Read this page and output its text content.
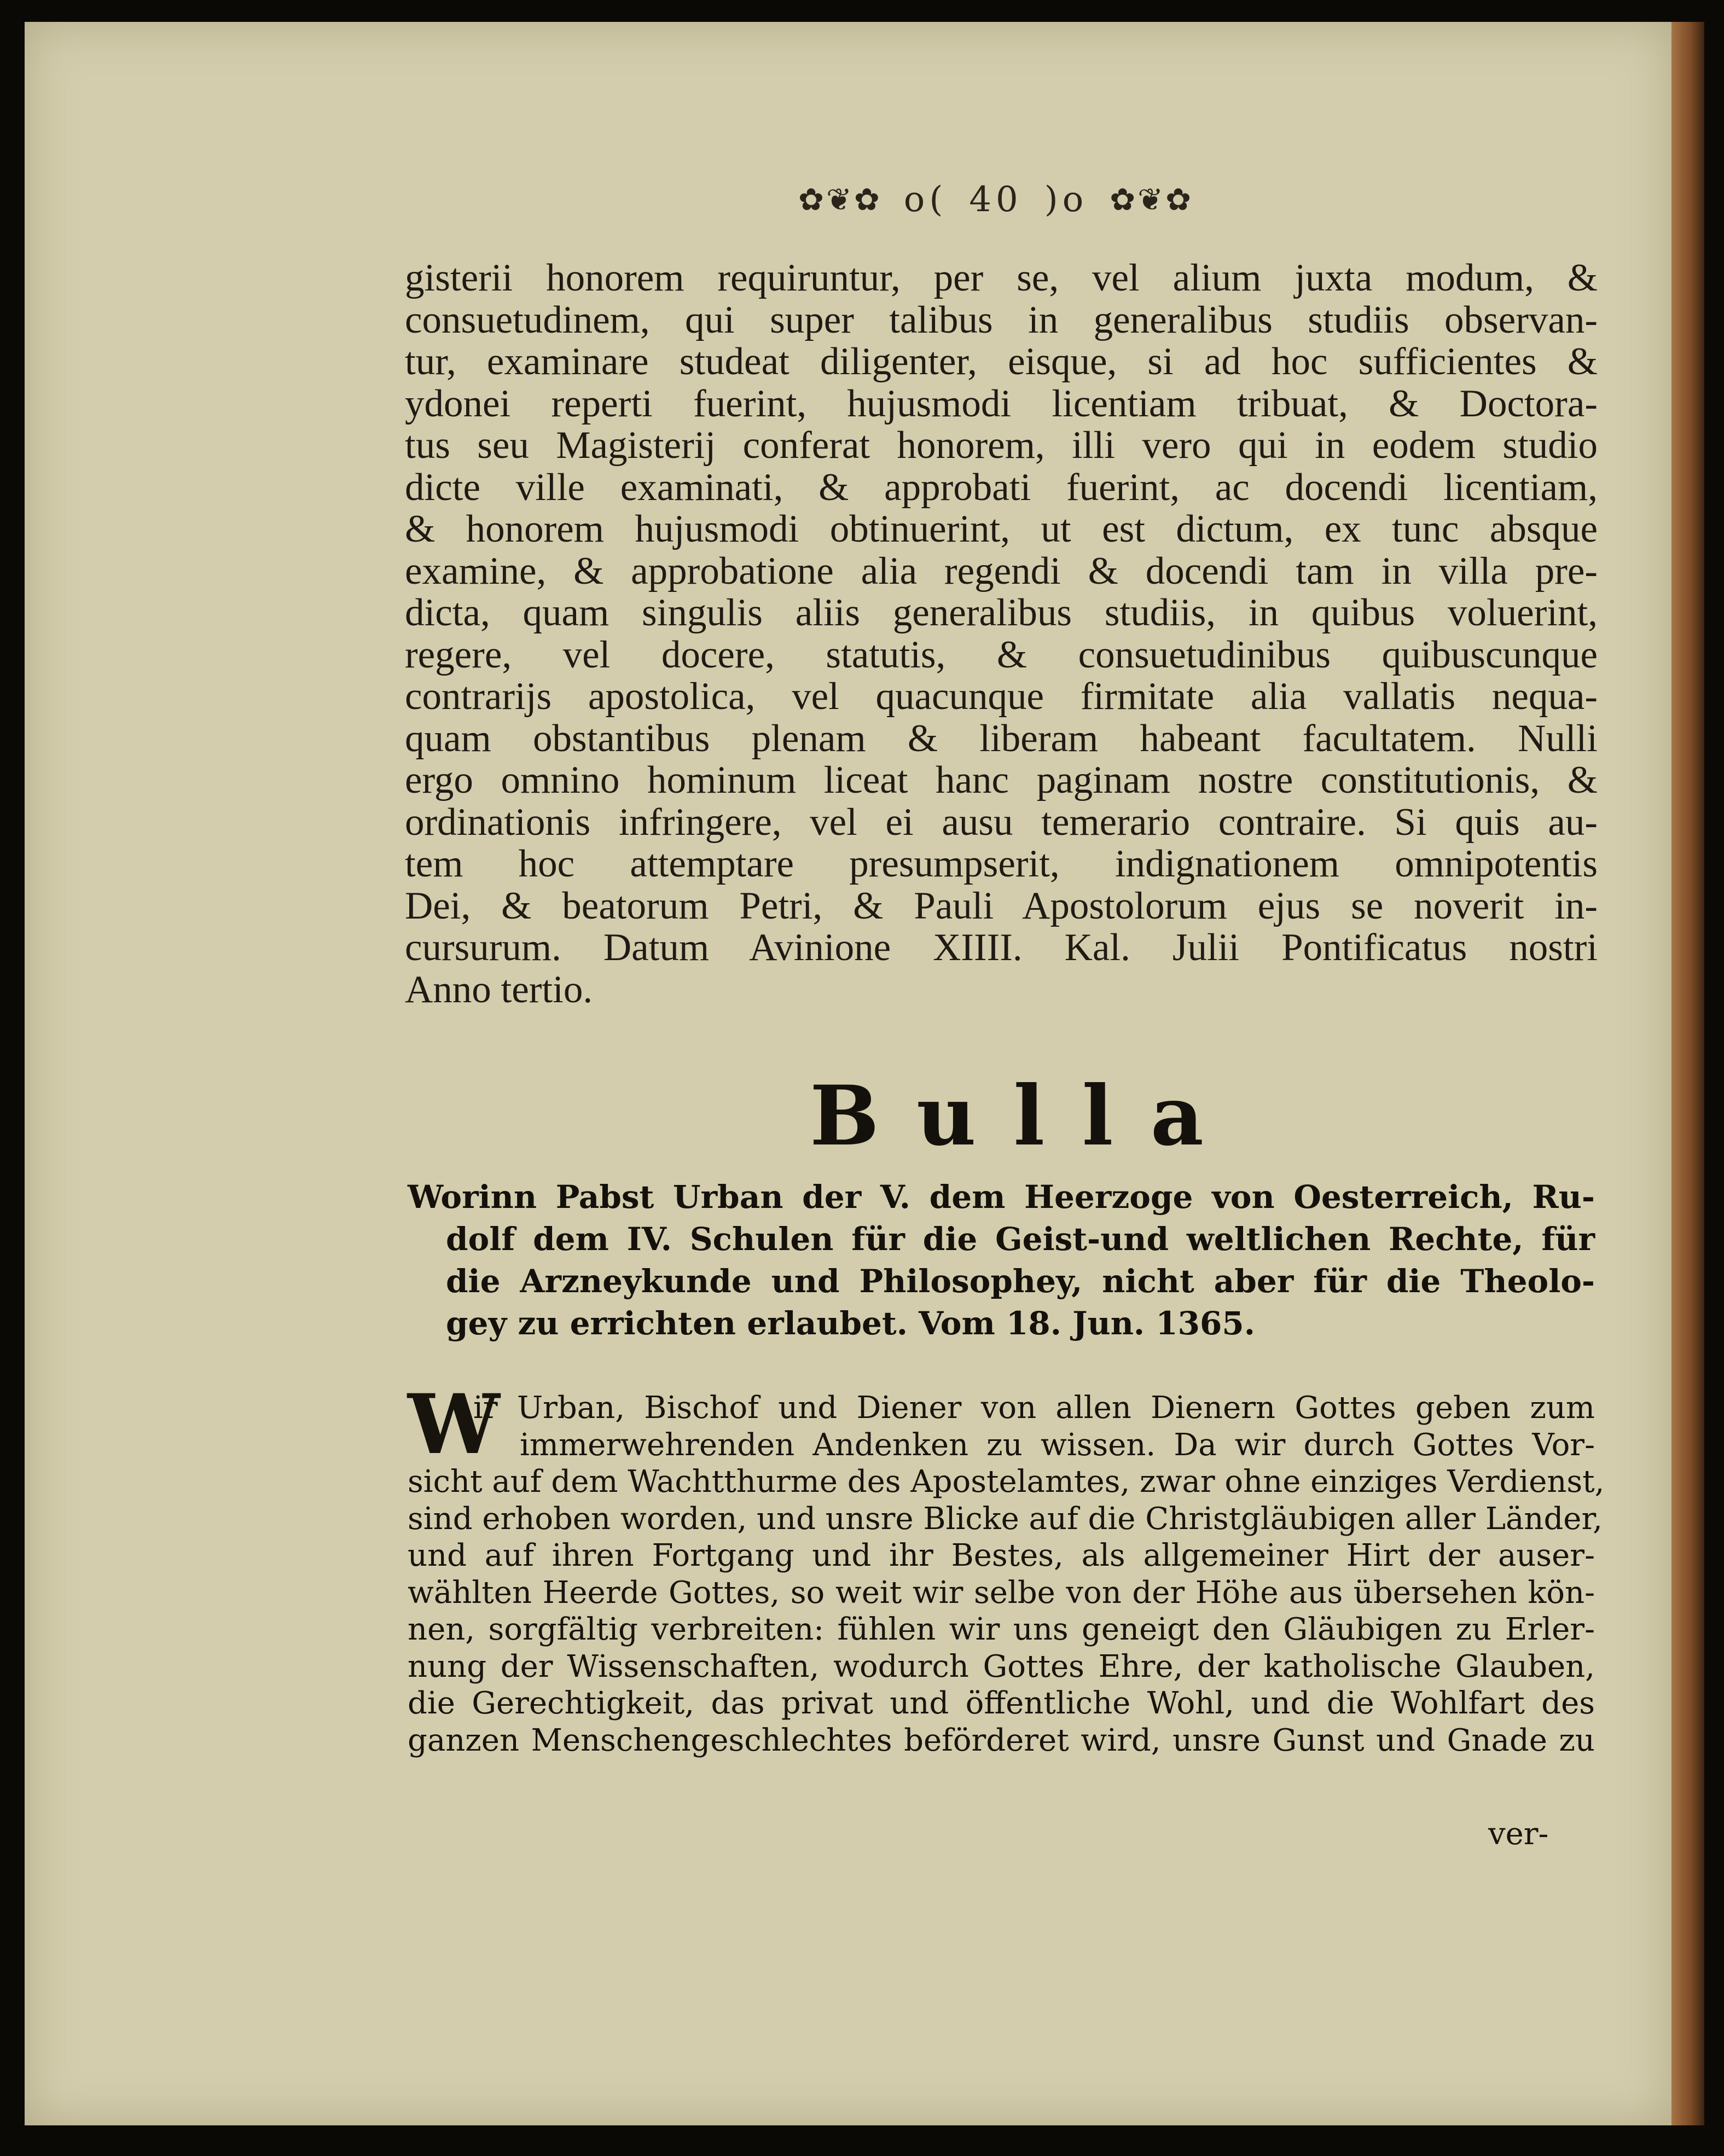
✿❦✿ o( 40 )o ✿❦✿
gisterii honorem requiruntur, per se, vel alium juxta modum, &
consuetudinem, qui super talibus in generalibus studiis observan-
tur, examinare studeat diligenter, eisque, si ad hoc sufficientes &
ydonei reperti fuerint, hujusmodi licentiam tribuat, & Doctora-
tus seu Magisterij conferat honorem, illi vero qui in eodem studio
dicte ville examinati, & approbati fuerint, ac docendi licentiam,
& honorem hujusmodi obtinuerint, ut est dictum, ex tunc absque
examine, & approbatione alia regendi & docendi tam in villa pre-
dicta, quam singulis aliis generalibus studiis, in quibus voluerint,
regere, vel docere, statutis, & consuetudinibus quibuscunque
contrarijs apostolica, vel quacunque firmitate alia vallatis nequa-
quam obstantibus plenam & liberam habeant facultatem. Nulli
ergo omnino hominum liceat hanc paginam nostre constitutionis, &
ordinationis infringere, vel ei ausu temerario contraire. Si quis au-
tem hoc attemptare presumpserit, indignationem omnipotentis
Dei, & beatorum Petri, & Pauli Apostolorum ejus se noverit in-
cursurum. Datum Avinione XIIII. Kal. Julii Pontificatus nostri
Anno tertio.
B u l l a
Worinn Pabst Urban der V. dem Heerzoge von Oesterreich, Ru-
dolf dem IV. Schulen für die Geist-und weltlichen Rechte, für
die Arzneykunde und Philosophey, nicht aber für die Theolo-
gey zu errichten erlaubet. Vom 18. Jun. 1365.
W
ir Urban, Bischof und Diener von allen Dienern Gottes geben zum
immerwehrenden Andenken zu wissen. Da wir durch Gottes Vor-
sicht auf dem Wachtthurme des Apostelamtes, zwar ohne einziges Verdienst,
sind erhoben worden, und unsre Blicke auf die Christgläubigen aller Länder,
und auf ihren Fortgang und ihr Bestes, als allgemeiner Hirt der auser-
wählten Heerde Gottes, so weit wir selbe von der Höhe aus übersehen kön-
nen, sorgfältig verbreiten: fühlen wir uns geneigt den Gläubigen zu Erler-
nung der Wissenschaften, wodurch Gottes Ehre, der katholische Glauben,
die Gerechtigkeit, das privat und öffentliche Wohl, und die Wohlfart des
ganzen Menschengeschlechtes beförderet wird, unsre Gunst und Gnade zu
ver-
